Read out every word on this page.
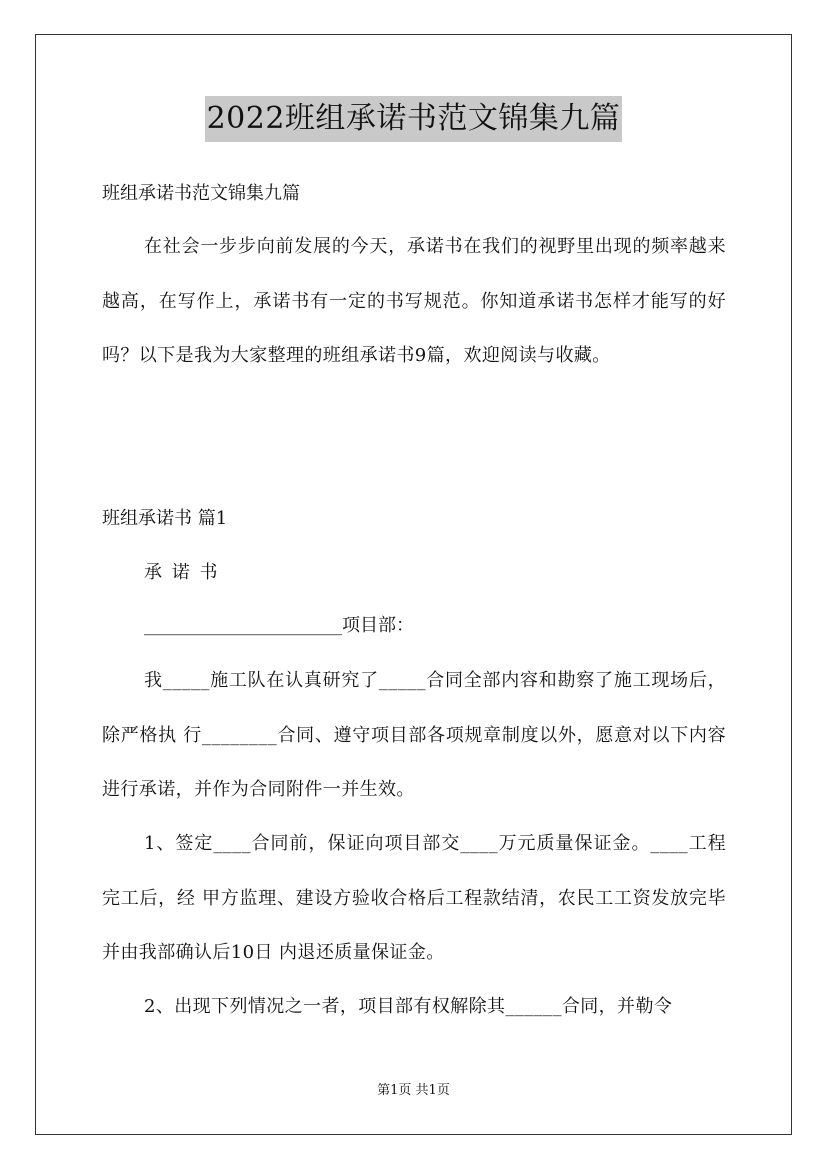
2022班组承诺书范文锦集九篇
班组承诺书范文锦集九篇
在社会一步步向前发展的今天，承诺书在我们的视野里出现的频率越来越高，在写作上，承诺书有一定的书写规范。你知道承诺书怎样才能写的好吗？以下是我为大家整理的班组承诺书9篇，欢迎阅读与收藏。
班组承诺书 篇1
承 诺 书
______________________项目部：
我_____施工队在认真研究了_____合同全部内容和勘察了施工现场后，除严格执 行________合同、遵守项目部各项规章制度以外，愿意对以下内容进行承诺，并作为合同附件一并生效。
1、签定____合同前，保证向项目部交____万元质量保证金。____工程完工后，经 甲方监理、建设方验收合格后工程款结清，农民工工资发放完毕并由我部确认后10日 内退还质量保证金。
2、出现下列情况之一者，项目部有权解除其______合同，并勒令
第1页 共1页
